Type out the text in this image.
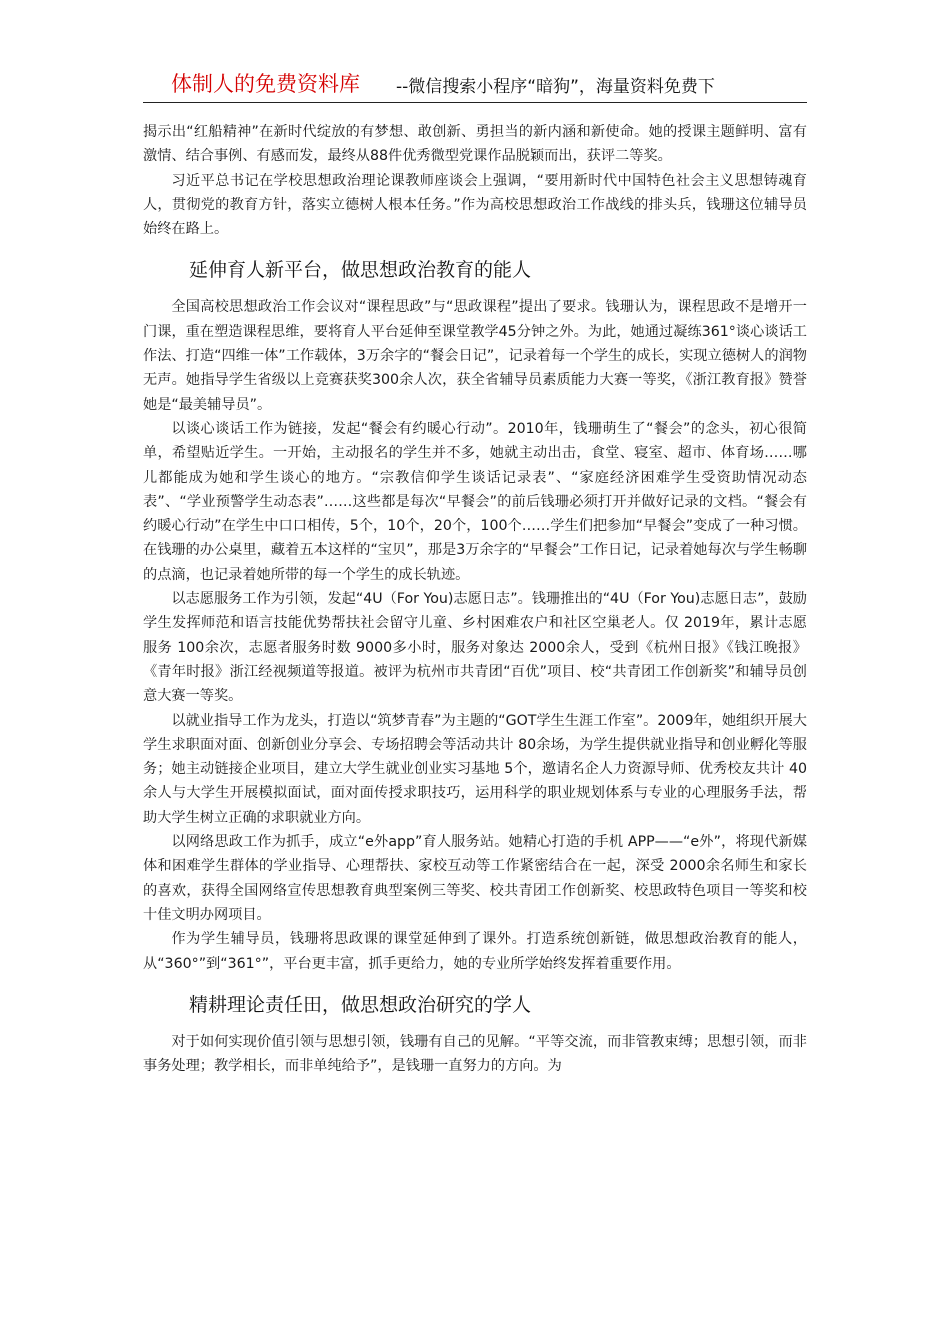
体制人的免费资料库 --微信搜索小程序“暗狗”，海量资料免费下

揭示出“红船精神”在新时代绽放的有梦想、敢创新、勇担当的新内涵和新使命。她的授课主题鲜明、富有激情、结合事例、有感而发，最终从88件优秀微型党课作品脱颖而出，获评二等奖。

习近平总书记在学校思想政治理论课教师座谈会上强调，“要用新时代中国特色社会主义思想铸魂育人，贯彻党的教育方针，落实立德树人根本任务。”作为高校思想政治工作战线的排头兵，钱珊这位辅导员始终在路上。

延伸育人新平台，做思想政治教育的能人

全国高校思想政治工作会议对“课程思政”与“思政课程”提出了要求。钱珊认为，课程思政不是增开一门课，重在塑造课程思维，要将育人平台延伸至课堂教学45分钟之外。为此，她通过凝练361°谈心谈话工作法、打造“四维一体”工作载体，3万余字的“餐会日记”，记录着每一个学生的成长，实现立德树人的润物无声。她指导学生省级以上竞赛获奖300余人次，获全省辅导员素质能力大赛一等奖，《浙江教育报》赞誉她是“最美辅导员”。

以谈心谈话工作为链接，发起“餐会有约暖心行动”。2010年，钱珊萌生了“餐会”的念头，初心很简单，希望贴近学生。一开始，主动报名的学生并不多，她就主动出击，食堂、寝室、超市、体育场……哪儿都能成为她和学生谈心的地方。“宗教信仰学生谈话记录表”、“家庭经济困难学生受资助情况动态表”、“学业预警学生动态表”……这些都是每次“早餐会”的前后钱珊必须打开并做好记录的文档。“餐会有约暖心行动”在学生中口口相传，5个，10个，20个，100个……学生们把参加“早餐会”变成了一种习惯。在钱珊的办公桌里，藏着五本这样的“宝贝”，那是3万余字的“早餐会”工作日记，记录着她每次与学生畅聊的点滴，也记录着她所带的每一个学生的成长轨迹。

以志愿服务工作为引领，发起“4U（For You)志愿日志”。钱珊推出的“4U（For You)志愿日志”，鼓励学生发挥师范和语言技能优势帮扶社会留守儿童、乡村困难农户和社区空巢老人。仅 2019年，累计志愿服务 100余次，志愿者服务时数 9000多小时，服务对象达 2000余人，受到《杭州日报》《钱江晚报》《青年时报》浙江经视频道等报道。被评为杭州市共青团“百优”项目、校“共青团工作创新奖”和辅导员创意大赛一等奖。

以就业指导工作为龙头，打造以“筑梦青春”为主题的“GOT学生生涯工作室”。2009年，她组织开展大学生求职面对面、创新创业分享会、专场招聘会等活动共计 80余场，为学生提供就业指导和创业孵化等服务；她主动链接企业项目，建立大学生就业创业实习基地 5个，邀请名企人力资源导师、优秀校友共计 40余人与大学生开展模拟面试，面对面传授求职技巧，运用科学的职业规划体系与专业的心理服务手法，帮助大学生树立正确的求职就业方向。

以网络思政工作为抓手，成立“e外app”育人服务站。她精心打造的手机 APP——“e外”，将现代新媒体和困难学生群体的学业指导、心理帮扶、家校互动等工作紧密结合在一起，深受 2000余名师生和家长的喜欢，获得全国网络宣传思想教育典型案例三等奖、校共青团工作创新奖、校思政特色项目一等奖和校十佳文明办网项目。

作为学生辅导员，钱珊将思政课的课堂延伸到了课外。打造系统创新链，做思想政治教育的能人，从“360°”到“361°”，平台更丰富，抓手更给力，她的专业所学始终发挥着重要作用。

精耕理论责任田，做思想政治研究的学人

对于如何实现价值引领与思想引领，钱珊有自己的见解。“平等交流，而非管教束缚；思想引领，而非事务处理；教学相长，而非单纯给予”，是钱珊一直努力的方向。为
